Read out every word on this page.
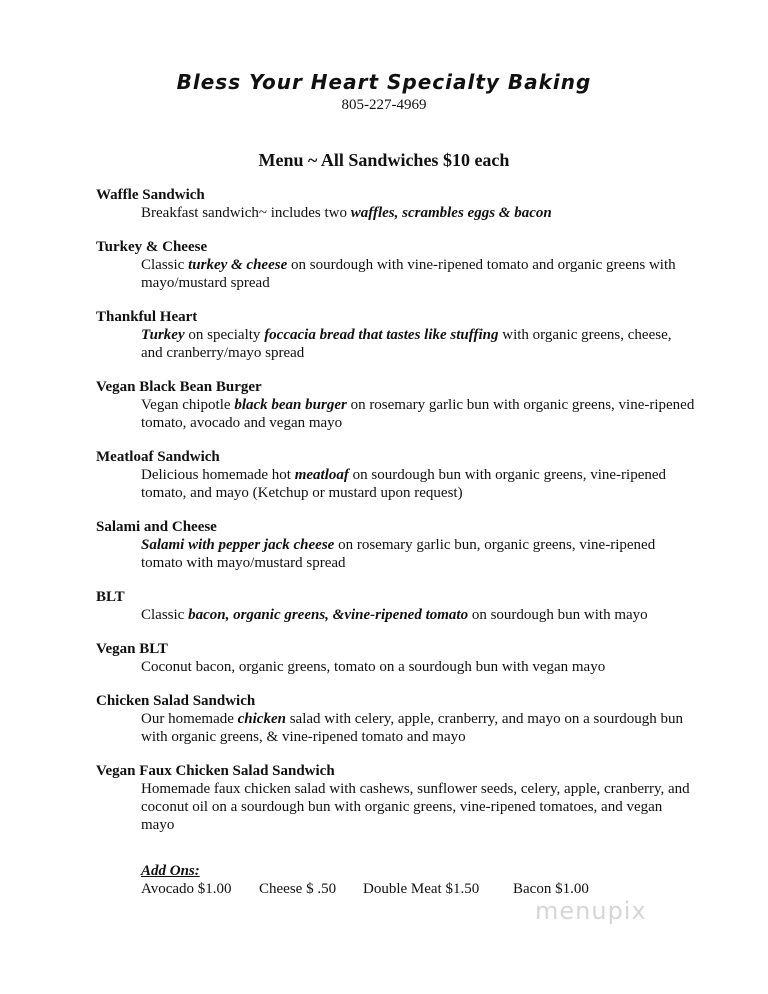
Bless Your Heart Specialty Baking
805-227-4969
Menu ~ All Sandwiches $10 each
Waffle Sandwich
Breakfast sandwich~ includes two waffles, scrambles eggs & bacon
Turkey & Cheese
Classic turkey & cheese on sourdough with vine-ripened tomato and organic greens with mayo/mustard spread
Thankful Heart
Turkey on specialty foccacia bread that tastes like stuffing with organic greens, cheese, and cranberry/mayo spread
Vegan Black Bean Burger
Vegan chipotle black bean burger on rosemary garlic bun with organic greens, vine-ripened tomato, avocado and vegan mayo
Meatloaf Sandwich
Delicious homemade hot meatloaf on sourdough bun with organic greens, vine-ripened tomato, and mayo (Ketchup or mustard upon request)
Salami and Cheese
Salami with pepper jack cheese on rosemary garlic bun, organic greens, vine-ripened tomato with mayo/mustard spread
BLT
Classic bacon, organic greens, &vine-ripened tomato on sourdough bun with mayo
Vegan BLT
Coconut bacon, organic greens, tomato on a sourdough bun with vegan mayo
Chicken Salad Sandwich
Our homemade chicken salad with celery, apple, cranberry, and mayo on a sourdough bun with organic greens, & vine-ripened tomato and mayo
Vegan Faux Chicken Salad Sandwich
Homemade faux chicken salad with cashews, sunflower seeds, celery, apple, cranberry, and coconut oil on a sourdough bun with organic greens, vine-ripened tomatoes, and vegan mayo
Add Ons:
Avocado $1.00 Cheese $ .50 Double Meat $1.50 Bacon $1.00
menupix
